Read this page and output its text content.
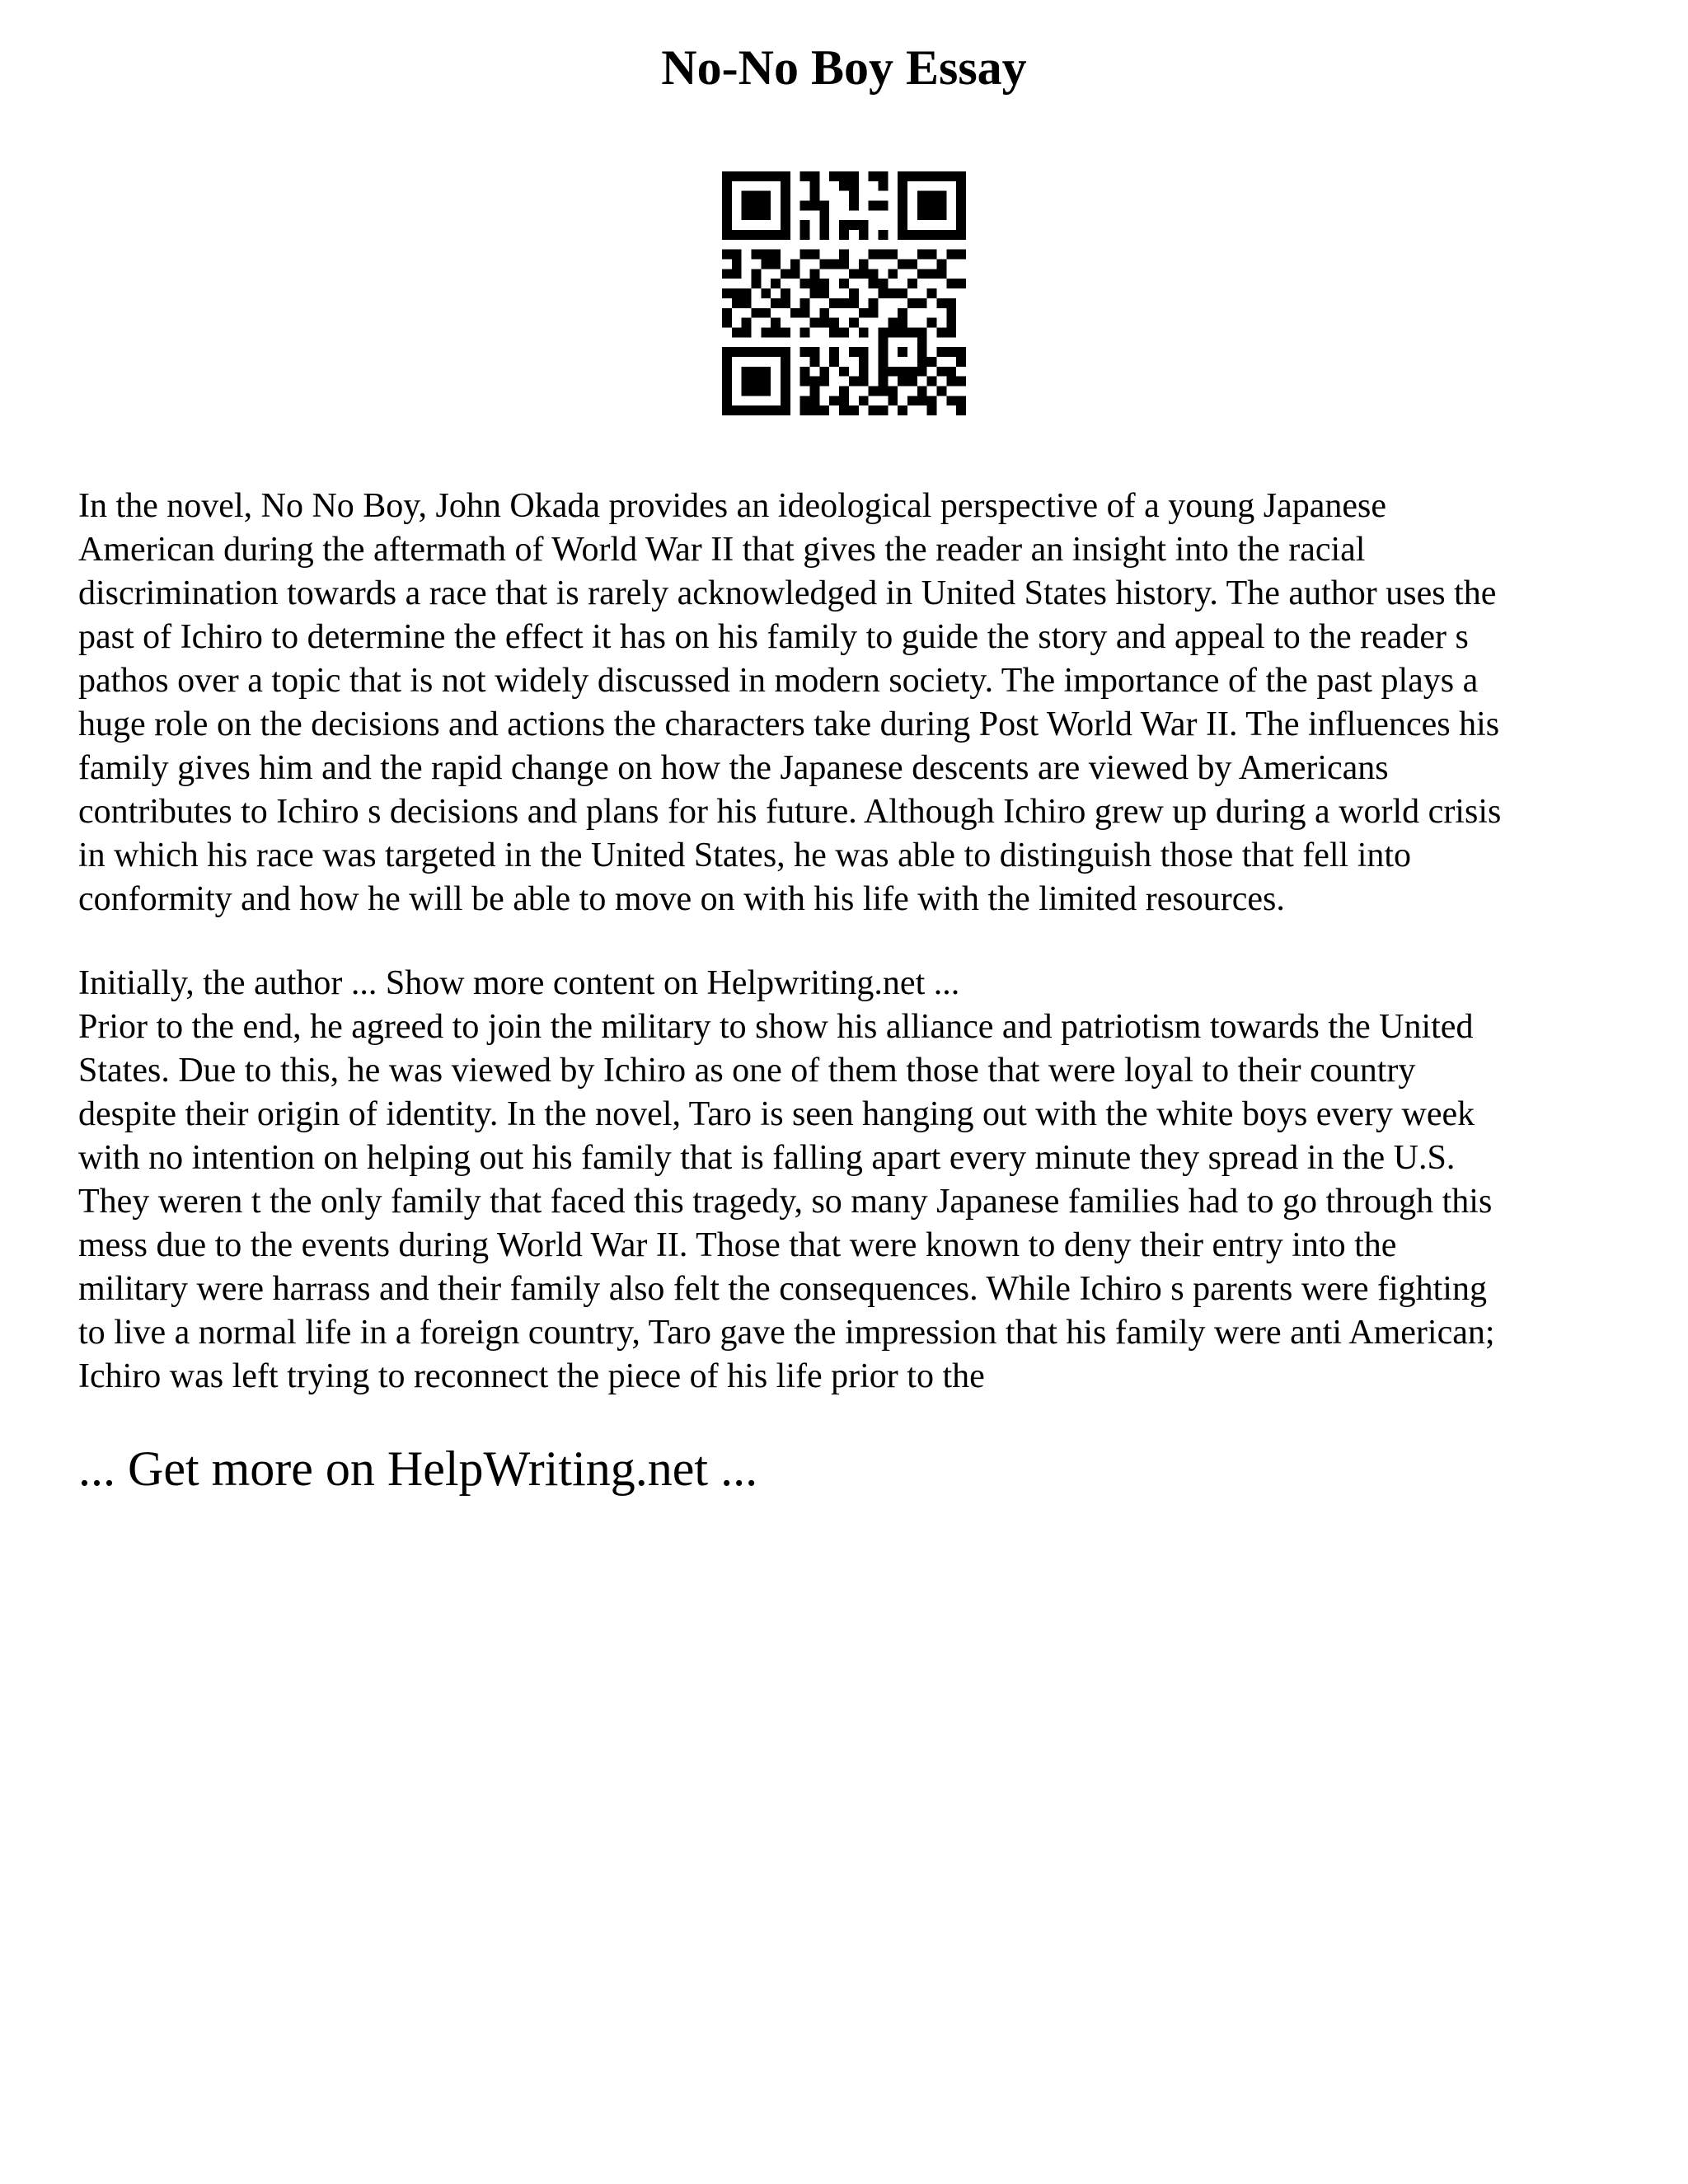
No-No Boy Essay
In the novel, No No Boy, John Okada provides an ideological perspective of a young Japanese
American during the aftermath of World War II that gives the reader an insight into the racial
discrimination towards a race that is rarely acknowledged in United States history. The author uses the
past of Ichiro to determine the effect it has on his family to guide the story and appeal to the reader s
pathos over a topic that is not widely discussed in modern society. The importance of the past plays a
huge role on the decisions and actions the characters take during Post World War II. The influences his
family gives him and the rapid change on how the Japanese descents are viewed by Americans
contributes to Ichiro s decisions and plans for his future. Although Ichiro grew up during a world crisis
in which his race was targeted in the United States, he was able to distinguish those that fell into
conformity and how he will be able to move on with his life with the limited resources.
Initially, the author ... Show more content on Helpwriting.net ...
Prior to the end, he agreed to join the military to show his alliance and patriotism towards the United
States. Due to this, he was viewed by Ichiro as one of them those that were loyal to their country
despite their origin of identity. In the novel, Taro is seen hanging out with the white boys every week
with no intention on helping out his family that is falling apart every minute they spread in the U.S.
They weren t the only family that faced this tragedy, so many Japanese families had to go through this
mess due to the events during World War II. Those that were known to deny their entry into the
military were harrass and their family also felt the consequences. While Ichiro s parents were fighting
to live a normal life in a foreign country, Taro gave the impression that his family were anti American;
Ichiro was left trying to reconnect the piece of his life prior to the

... Get more on HelpWriting.net ...
